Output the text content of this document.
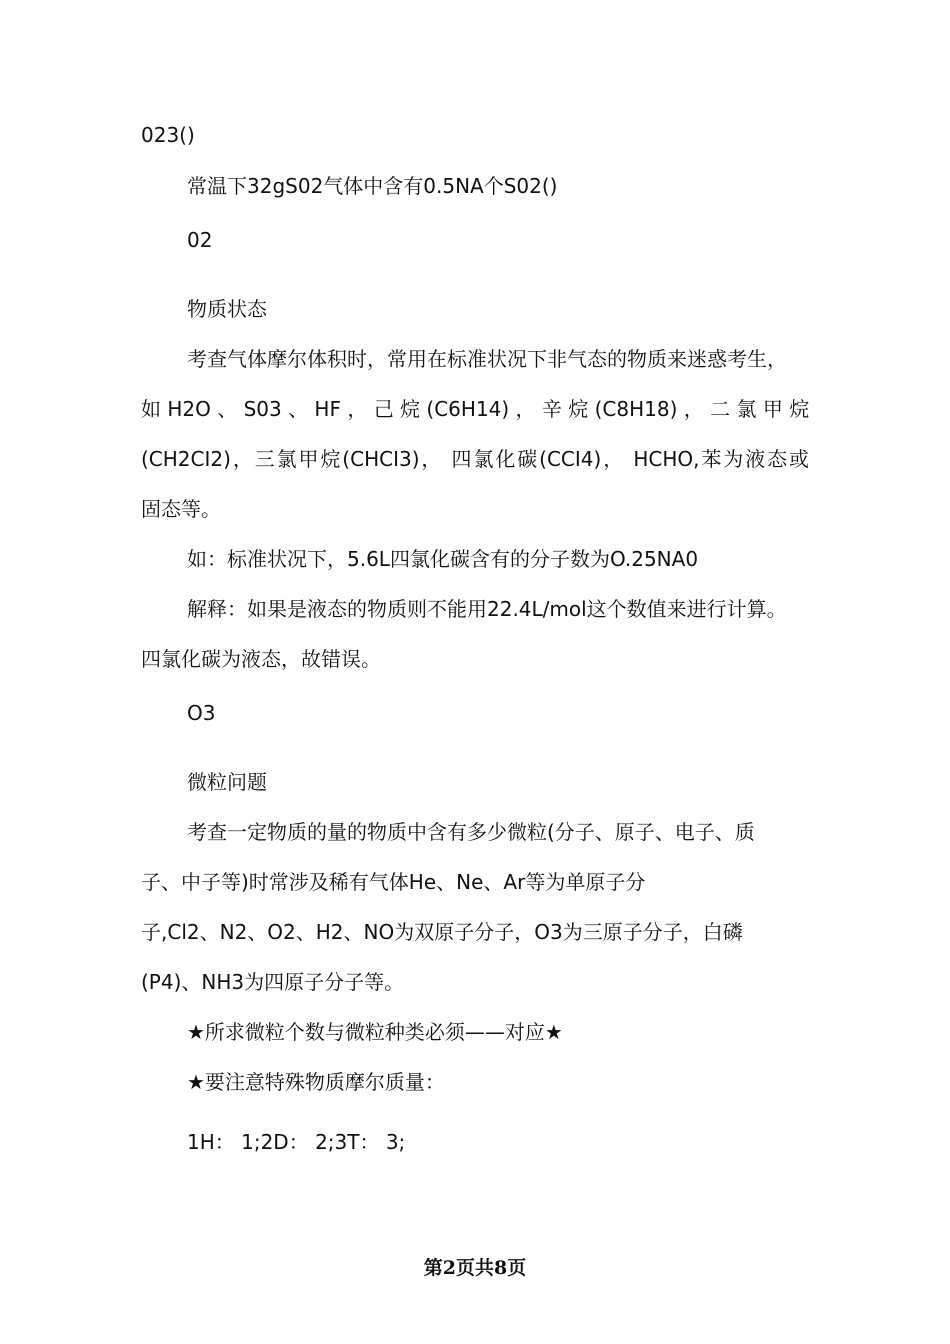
023()
常温下32gS02气体中含有0.5NA个S02()
02
物质状态
考查气体摩尔体积时，常用在标准状况下非气态的物质来迷惑考生，
如 H2O 、 S03 、 HF ， 己 烷 (C6H14) ， 辛 烷 (C8H18) ， 二 氯 甲 烷
(CH2CI2)，三氯甲烷(CHCI3)， 四氯化碳(CCI4)， HCHO,苯为液态或
固态等。
如：标准状况下，5.6L四氯化碳含有的分子数为O.25NA0
解释：如果是液态的物质则不能用22.4L/mol这个数值来进行计算。
四氯化碳为液态，故错误。
O3
微粒问题
考查一定物质的量的物质中含有多少微粒(分子、原子、电子、质
子、中子等)时常涉及稀有气体He、Ne、Ar等为单原子分
子,Cl2、N2、O2、H2、NO为双原子分子，O3为三原子分子，白磷
(P4)、NH3为四原子分子等。
★所求微粒个数与微粒种类必须——对应★
★要注意特殊物质摩尔质量：
1H： 1;2D： 2;3T： 3;
第2页共8页
